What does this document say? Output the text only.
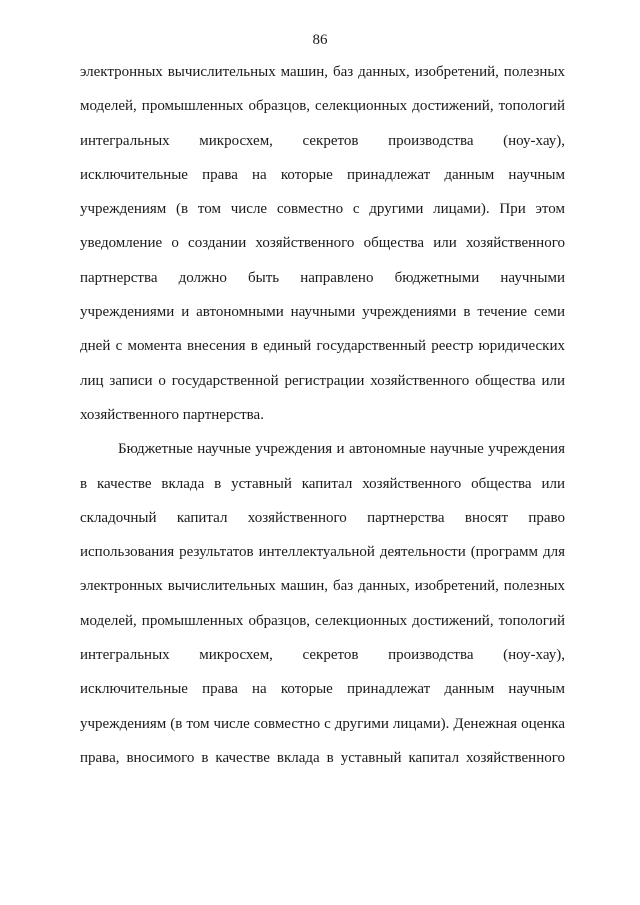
86
электронных вычислительных машин, баз данных, изобретений, полезных
моделей, промышленных образцов, селекционных достижений, топологий
интегральных микросхем, секретов производства (ноу-хау),
исключительные права на которые принадлежат данным научным
учреждениям (в том числе совместно с другими лицами). При этом
уведомление о создании хозяйственного общества или хозяйственного
партнерства должно быть направлено бюджетными научными
учреждениями и автономными научными учреждениями в течение семи
дней с момента внесения в единый государственный реестр юридических
лиц записи о государственной регистрации хозяйственного общества или
хозяйственного партнерства.
Бюджетные научные учреждения и автономные научные учреждения
в качестве вклада в уставный капитал хозяйственного общества или
складочный капитал хозяйственного партнерства вносят право
использования результатов интеллектуальной деятельности (программ для
электронных вычислительных машин, баз данных, изобретений, полезных
моделей, промышленных образцов, селекционных достижений, топологий
интегральных микросхем, секретов производства (ноу-хау),
исключительные права на которые принадлежат данным научным
учреждениям (в том числе совместно с другими лицами). Денежная оценка
права, вносимого в качестве вклада в уставный капитал хозяйственного
